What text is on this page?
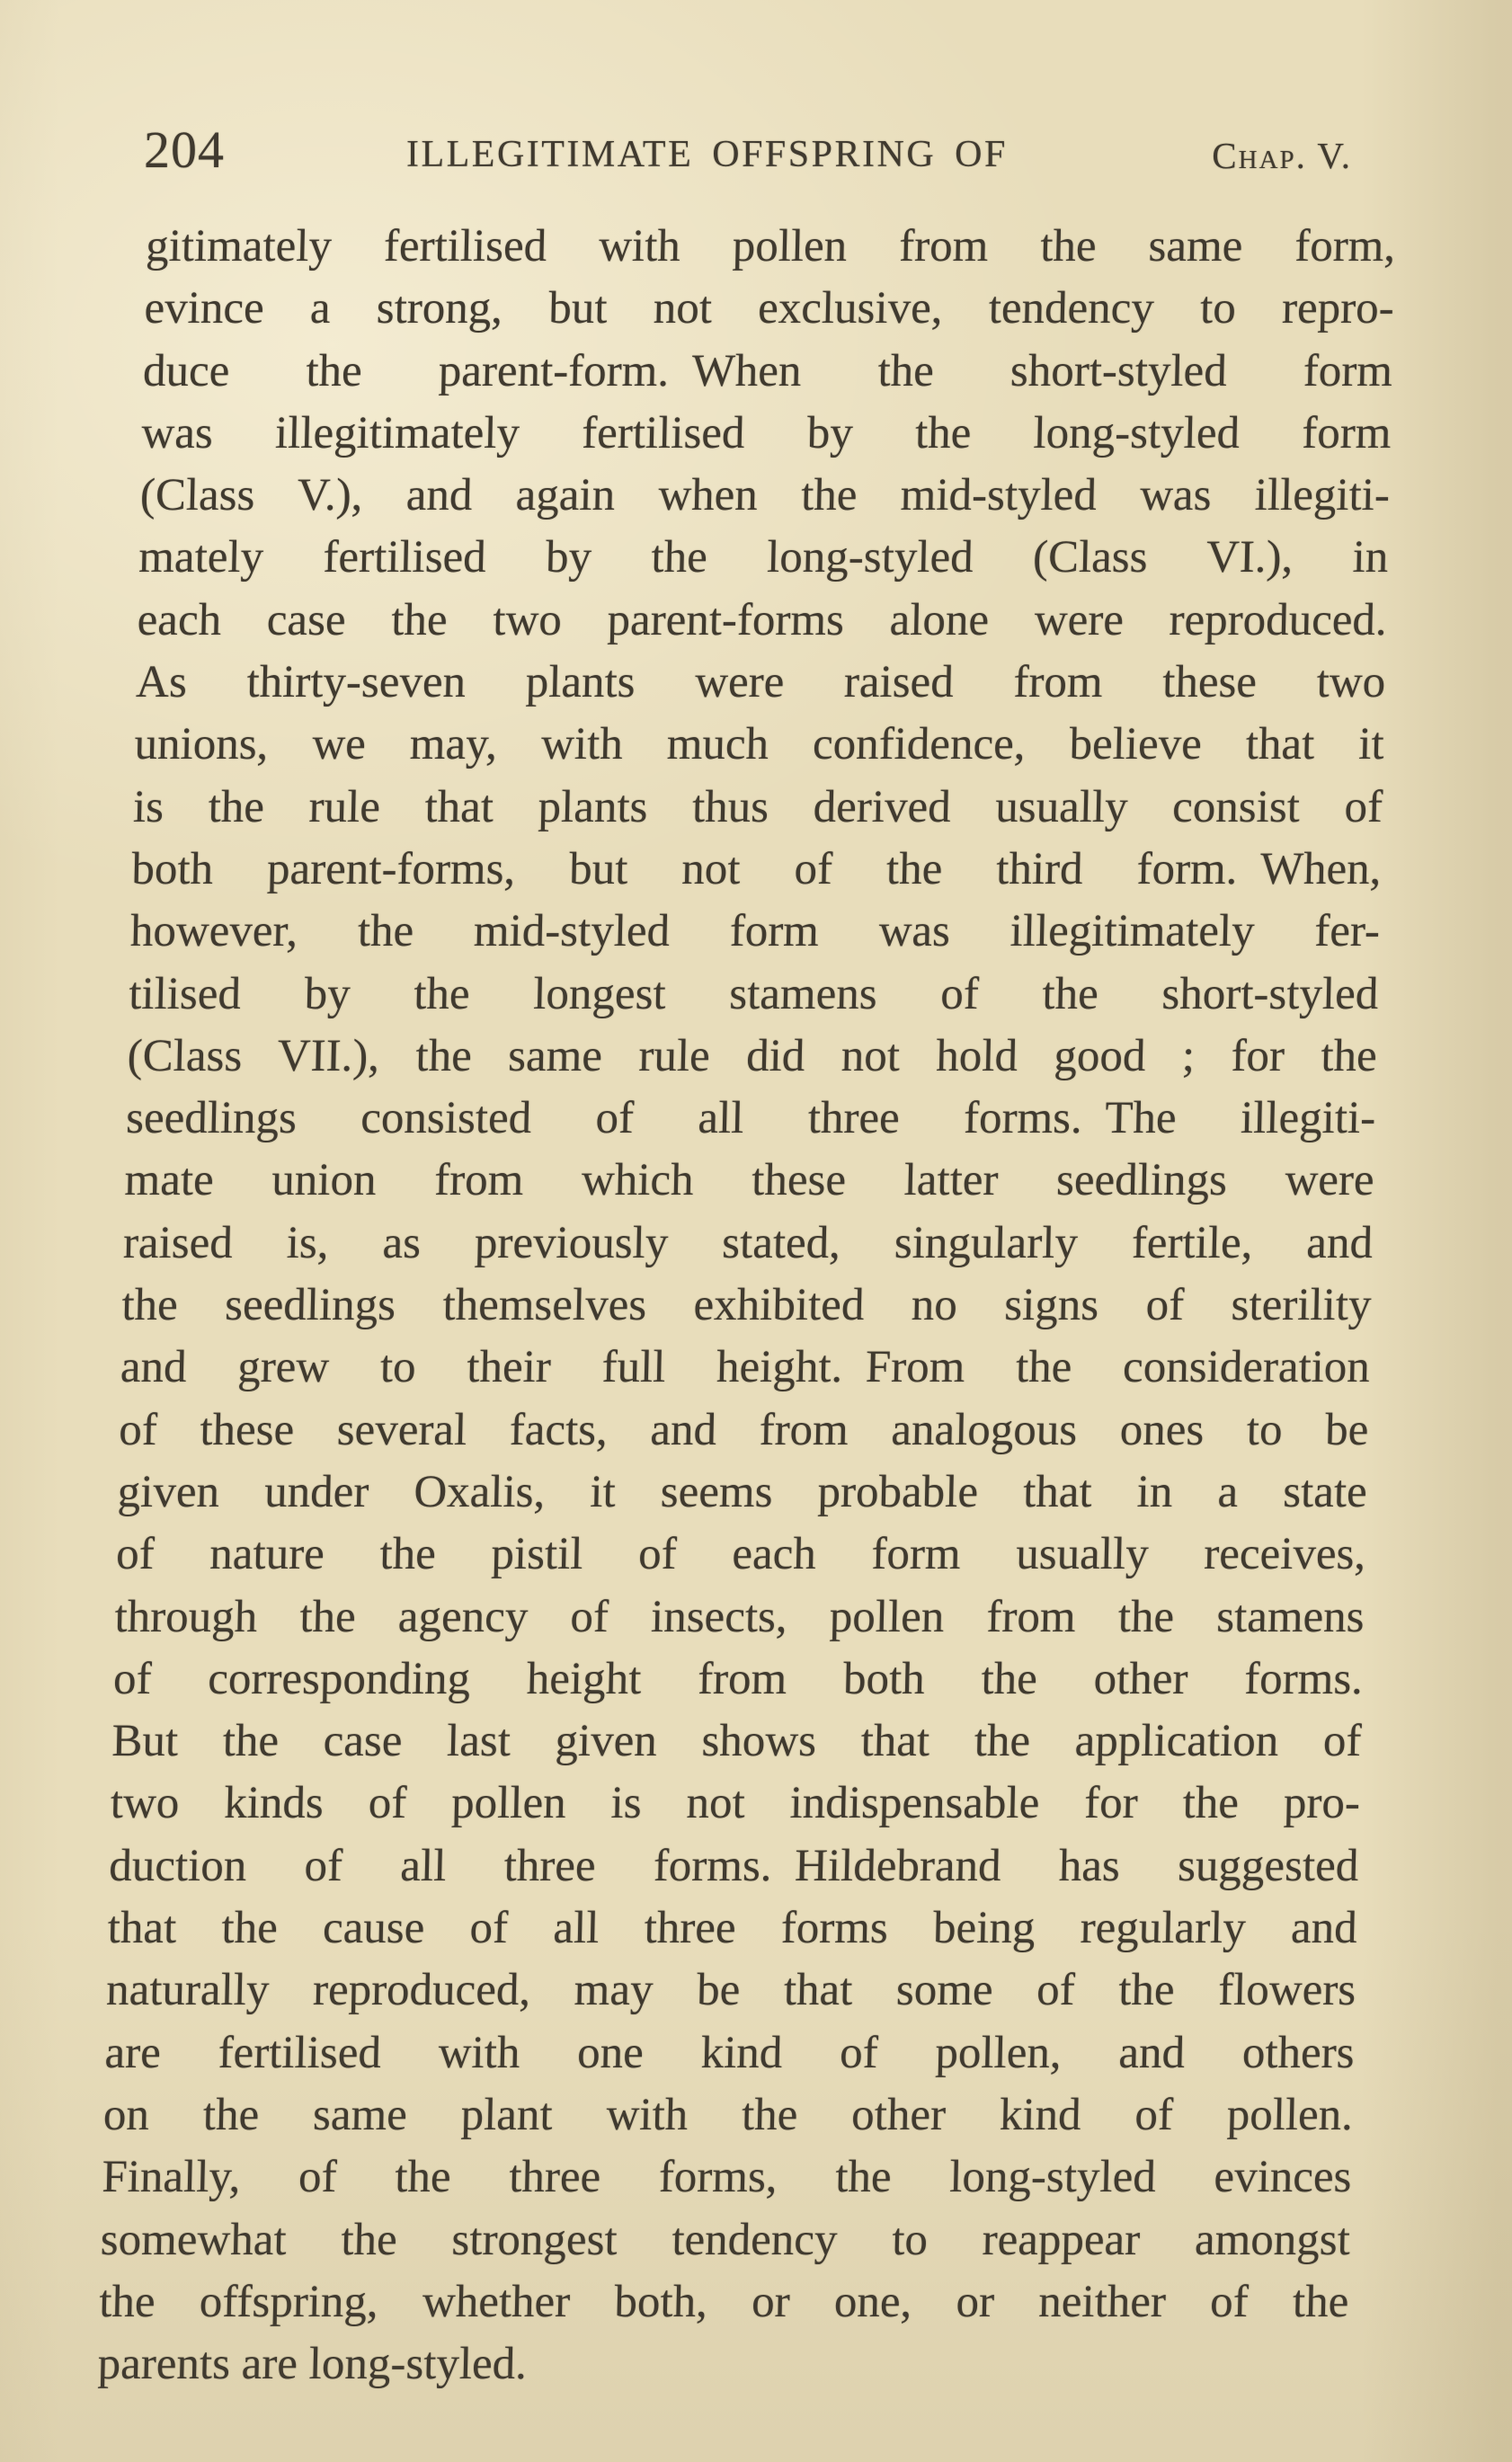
204	ILLEGITIMATE OFFSPRING OF	Chap. V.
gitimately fertilised with pollen from the same form,
evince a strong, but not exclusive, tendency to repro-
duce the parent-form. When the short-styled form
was illegitimately fertilised by the long-styled form
(Class V.), and again when the mid-styled was illegiti-
mately fertilised by the long-styled (Class VI.), in
each case the two parent-forms alone were reproduced.
As thirty-seven plants were raised from these two
unions, we may, with much confidence, believe that it
is the rule that plants thus derived usually consist of
both parent-forms, but not of the third form. When,
however, the mid-styled form was illegitimately fer-
tilised by the longest stamens of the short-styled
(Class VII.), the same rule did not hold good ; for the
seedlings consisted of all three forms. The illegiti-
mate union from which these latter seedlings were
raised is, as previously stated, singularly fertile, and
the seedlings themselves exhibited no signs of sterility
and grew to their full height. From the consideration
of these several facts, and from analogous ones to be
given under Oxalis, it seems probable that in a state
of nature the pistil of each form usually receives,
through the agency of insects, pollen from the stamens
of corresponding height from both the other forms.
But the case last given shows that the application of
two kinds of pollen is not indispensable for the pro-
duction of all three forms. Hildebrand has suggested
that the cause of all three forms being regularly and
naturally reproduced, may be that some of the flowers
are fertilised with one kind of pollen, and others
on the same plant with the other kind of pollen.
Finally, of the three forms, the long-styled evinces
somewhat the strongest tendency to reappear amongst
the offspring, whether both, or one, or neither of the
parents are long-styled.
